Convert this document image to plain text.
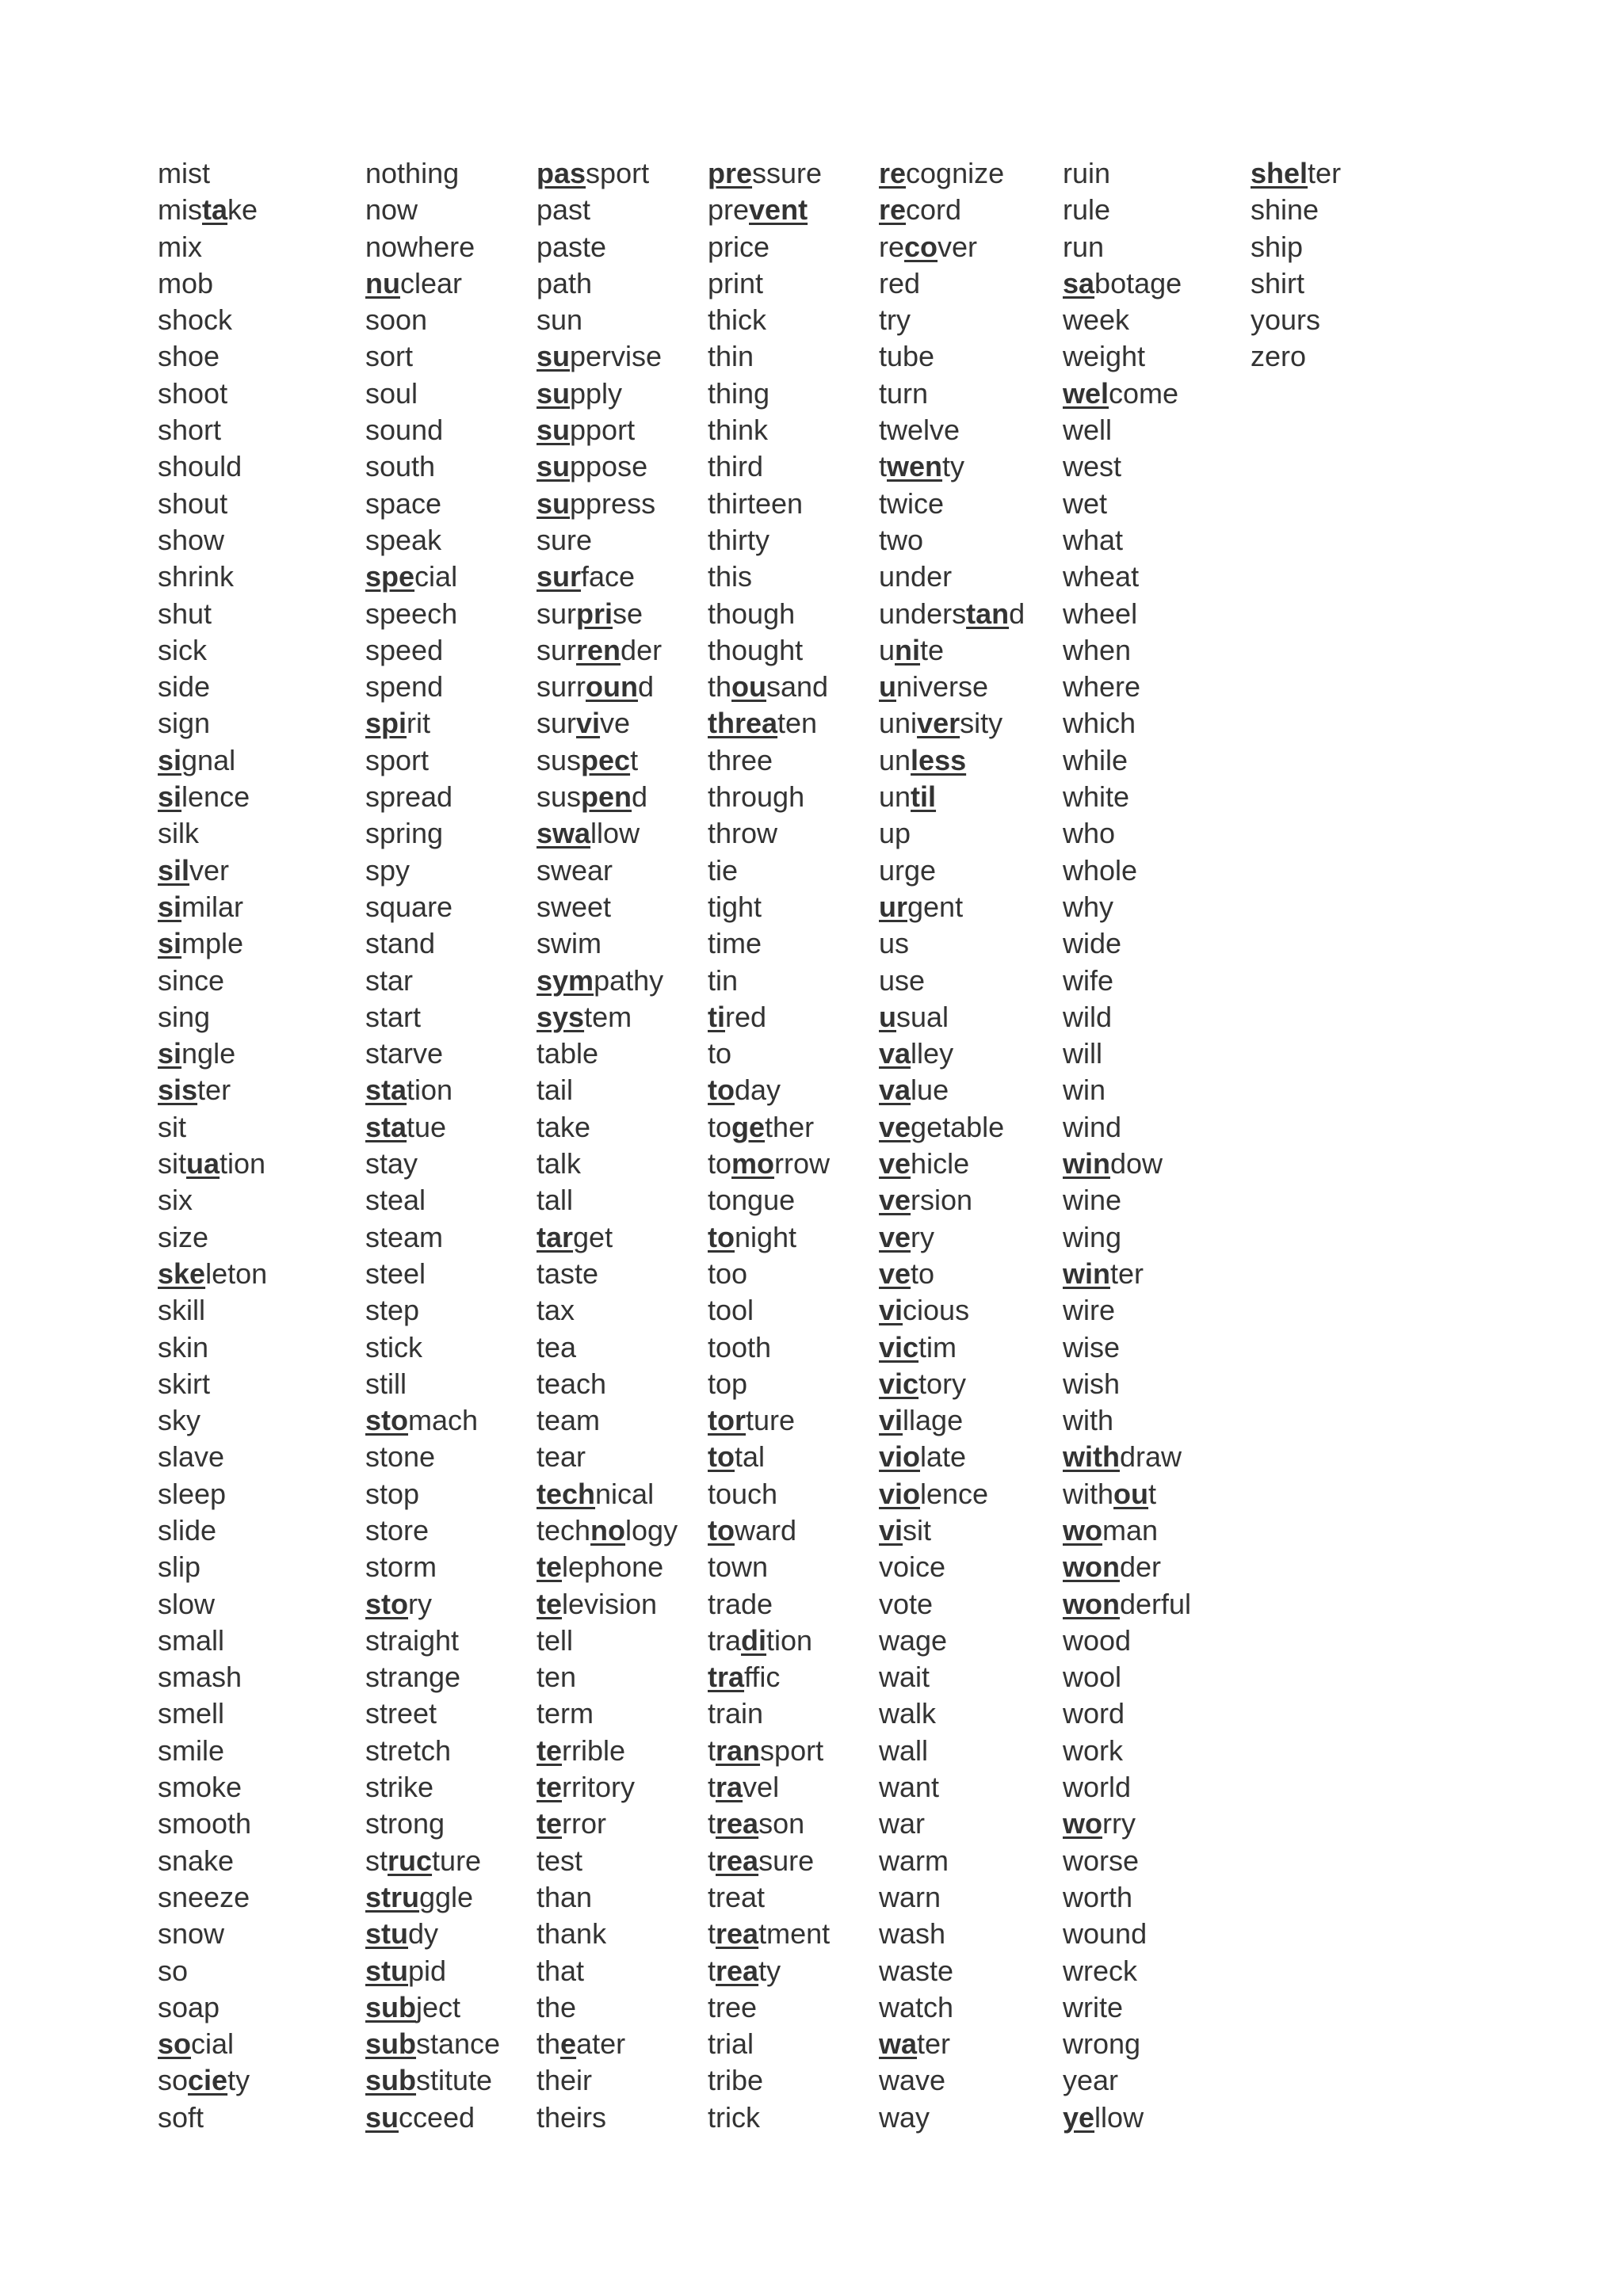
mist
mistake
mix
mob
shock
shoe
shoot
short
should
shout
show
shrink
shut
sick
side
sign
signal
silence
silk
silver
similar
simple
since
sing
single
sister
sit
situation
six
size
skeleton
skill
skin
skirt
sky
slave
sleep
slide
slip
slow
small
smash
smell
smile
smoke
smooth
snake
sneeze
snow
so
soap
social
society
soft
nothing
now
nowhere
nuclear
soon
sort
soul
sound
south
space
speak
special
speech
speed
spend
spirit
sport
spread
spring
spy
square
stand
star
start
starve
station
statue
stay
steal
steam
steel
step
stick
still
stomach
stone
stop
store
storm
story
straight
strange
street
stretch
strike
strong
structure
struggle
study
stupid
subject
substance
substitute
succeed
passport
past
paste
path
sun
supervise
supply
support
suppose
suppress
sure
surface
surprise
surrender
surround
survive
suspect
suspend
swallow
swear
sweet
swim
sympathy
system
table
tail
take
talk
tall
target
taste
tax
tea
teach
team
tear
technical
technology
telephone
television
tell
ten
term
terrible
territory
terror
test
than
thank
that
the
theater
their
theirs
pressure
prevent
price
print
thick
thin
thing
think
third
thirteen
thirty
this
though
thought
thousand
threaten
three
through
throw
tie
tight
time
tin
tired
to
today
together
tomorrow
tongue
tonight
too
tool
tooth
top
torture
total
touch
toward
town
trade
tradition
traffic
train
transport
travel
treason
treasure
treat
treatment
treaty
tree
trial
tribe
trick
recognize
record
recover
red
try
tube
turn
twelve
twenty
twice
two
under
understand
unite
universe
university
unless
until
up
urge
urgent
us
use
usual
valley
value
vegetable
vehicle
version
very
veto
vicious
victim
victory
village
violate
violence
visit
voice
vote
wage
wait
walk
wall
want
war
warm
warn
wash
waste
watch
water
wave
way
ruin
rule
run
sabotage
week
weight
welcome
well
west
wet
what
wheat
wheel
when
where
which
while
white
who
whole
why
wide
wife
wild
will
win
wind
window
wine
wing
winter
wire
wise
wish
with
withdraw
without
woman
wonder
wonderful
wood
wool
word
work
world
worry
worse
worth
wound
wreck
write
wrong
year
yellow
shelter
shine
ship
shirt
yours
zero
